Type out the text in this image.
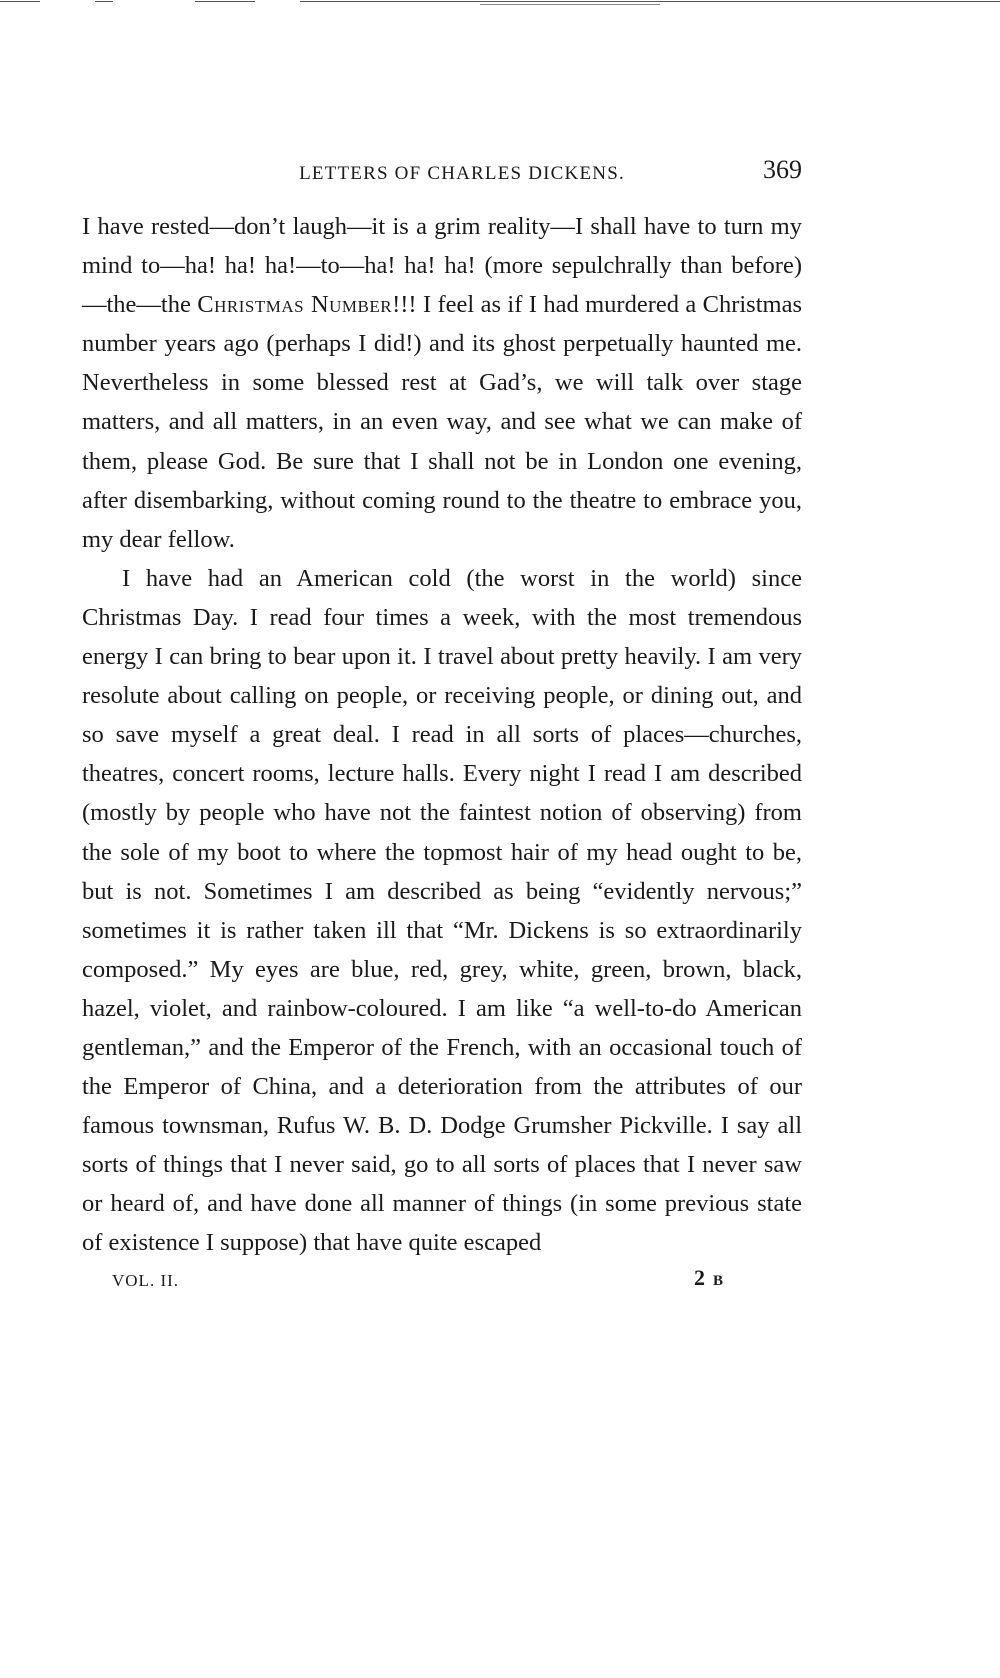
LETTERS OF CHARLES DICKENS.	369

I have rested—don’t laugh—it is a grim reality—I shall have to turn my mind to—ha! ha! ha!—to—ha! ha! ha! (more sepulchrally than before)—the—the Christmas Number!!! I feel as if I had murdered a Christmas number years ago (perhaps I did!) and its ghost perpetually haunted me. Nevertheless in some blessed rest at Gad’s, we will talk over stage matters, and all matters, in an even way, and see what we can make of them, please God. Be sure that I shall not be in London one evening, after disembarking, without coming round to the theatre to embrace you, my dear fellow.

I have had an American cold (the worst in the world) since Christmas Day. I read four times a week, with the most tremendous energy I can bring to bear upon it. I travel about pretty heavily. I am very resolute about calling on people, or receiving people, or dining out, and so save myself a great deal. I read in all sorts of places—churches, theatres, concert rooms, lecture halls. Every night I read I am described (mostly by people who have not the faintest notion of observing) from the sole of my boot to where the topmost hair of my head ought to be, but is not. Sometimes I am described as being “evidently nervous;” sometimes it is rather taken ill that “Mr. Dickens is so extraordinarily composed.” My eyes are blue, red, grey, white, green, brown, black, hazel, violet, and rainbow-coloured. I am like “a well-to-do American gentleman,” and the Emperor of the French, with an occasional touch of the Emperor of China, and a deterioration from the attributes of our famous townsman, Rufus W. B. D. Dodge Grumsher Pickville. I say all sorts of things that I never said, go to all sorts of places that I never saw or heard of, and have done all manner of things (in some previous state of existence I suppose) that have quite escaped

VOL. II.	2 B
